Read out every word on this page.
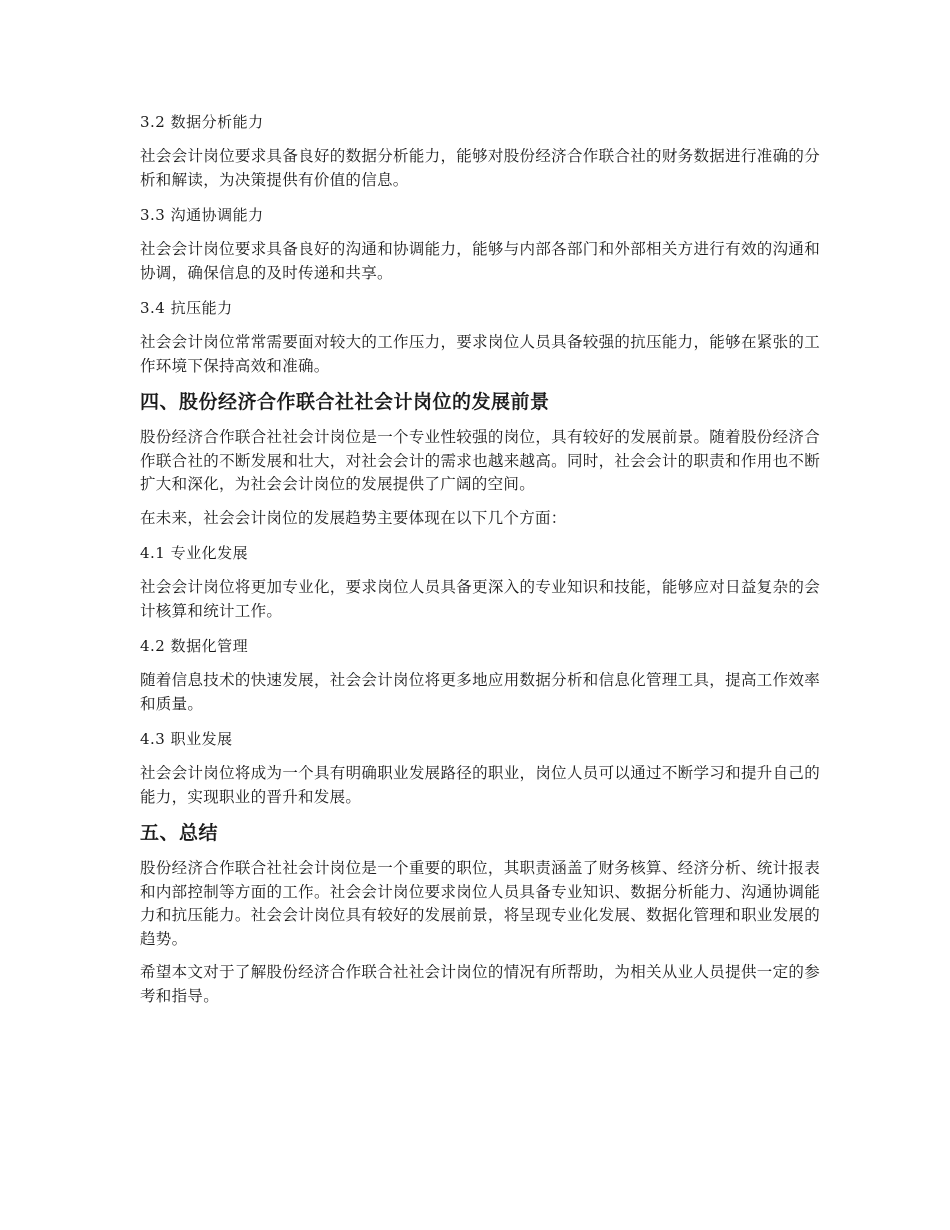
3.2 数据分析能力

社会会计岗位要求具备良好的数据分析能力，能够对股份经济合作联合社的财务数据进行准确的分析和解读，为决策提供有价值的信息。

3.3 沟通协调能力

社会会计岗位要求具备良好的沟通和协调能力，能够与内部各部门和外部相关方进行有效的沟通和协调，确保信息的及时传递和共享。

3.4 抗压能力

社会会计岗位常常需要面对较大的工作压力，要求岗位人员具备较强的抗压能力，能够在紧张的工作环境下保持高效和准确。

四、股份经济合作联合社社会计岗位的发展前景

股份经济合作联合社社会计岗位是一个专业性较强的岗位，具有较好的发展前景。随着股份经济合作联合社的不断发展和壮大，对社会会计的需求也越来越高。同时，社会会计的职责和作用也不断扩大和深化，为社会会计岗位的发展提供了广阔的空间。

在未来，社会会计岗位的发展趋势主要体现在以下几个方面：

4.1 专业化发展

社会会计岗位将更加专业化，要求岗位人员具备更深入的专业知识和技能，能够应对日益复杂的会计核算和统计工作。

4.2 数据化管理

随着信息技术的快速发展，社会会计岗位将更多地应用数据分析和信息化管理工具，提高工作效率和质量。

4.3 职业发展

社会会计岗位将成为一个具有明确职业发展路径的职业，岗位人员可以通过不断学习和提升自己的能力，实现职业的晋升和发展。

五、总结

股份经济合作联合社社会计岗位是一个重要的职位，其职责涵盖了财务核算、经济分析、统计报表和内部控制等方面的工作。社会会计岗位要求岗位人员具备专业知识、数据分析能力、沟通协调能力和抗压能力。社会会计岗位具有较好的发展前景，将呈现专业化发展、数据化管理和职业发展的趋势。

希望本文对于了解股份经济合作联合社社会计岗位的情况有所帮助，为相关从业人员提供一定的参考和指导。
